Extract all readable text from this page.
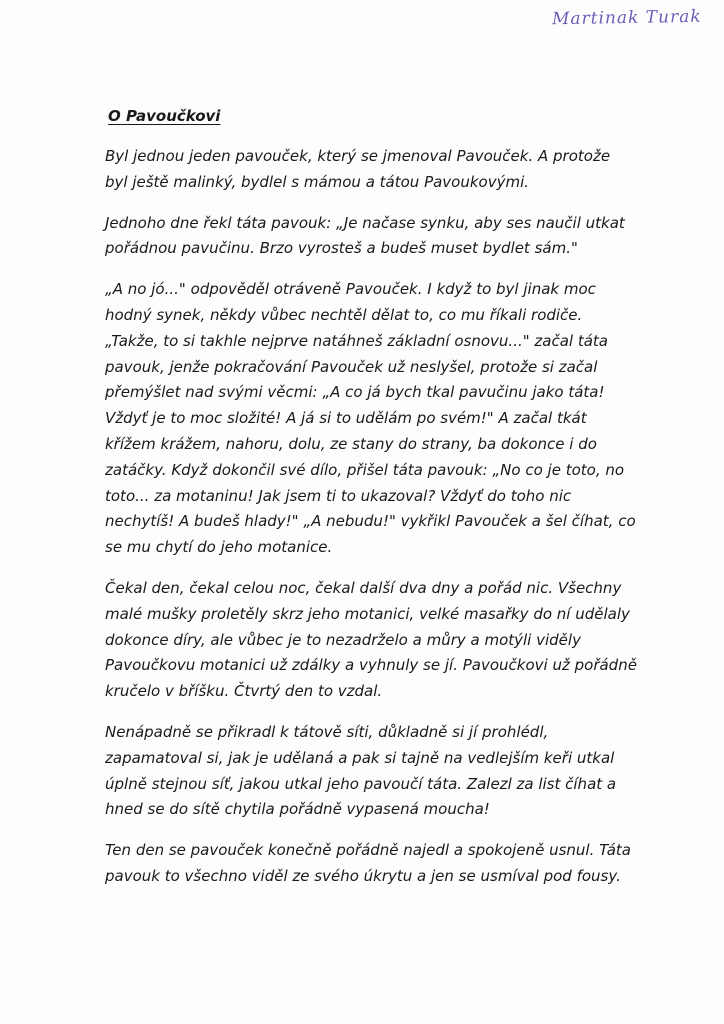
Martinak Turak
O Pavoučkovi

Byl jednou jeden pavouček, který se jmenoval Pavouček. A protože
byl ještě malinký, bydlel s mámou a tátou Pavoukovými.

Jednoho dne řekl táta pavouk: „Je načase synku, aby ses naučil utkat
pořádnou pavučinu. Brzo vyrosteš a budeš muset bydlet sám."

„A no jó..." odpověděl otráveně Pavouček. I když to byl jinak moc
hodný synek, někdy vůbec nechtěl dělat to, co mu říkali rodiče.
„Takže, to si takhle nejprve natáhneš základní osnovu..." začal táta
pavouk, jenže pokračování Pavouček už neslyšel, protože si začal
přemýšlet nad svými věcmi: „A co já bych tkal pavučinu jako táta!
Vždyť je to moc složité! A já si to udělám po svém!" A začal tkát
křížem krážem, nahoru, dolu, ze stany do strany, ba dokonce i do
zatáčky. Když dokončil své dílo, přišel táta pavouk: „No co je toto, no
toto... za motaninu! Jak jsem ti to ukazoval? Vždyť do toho nic
nechytíš! A budeš hlady!" „A nebudu!" vykřikl Pavouček a šel číhat, co
se mu chytí do jeho motanice.

Čekal den, čekal celou noc, čekal další dva dny a pořád nic. Všechny
malé mušky proletěly skrz jeho motanici, velké masařky do ní udělaly
dokonce díry, ale vůbec je to nezadrželo a můry a motýli viděly
Pavoučkovu motanici už zdálky a vyhnuly se jí. Pavoučkovi už pořádně
kručelo v bříšku. Čtvrtý den to vzdal.

Nenápadně se přikradl k tátově síti, důkladně si jí prohlédl,
zapamatoval si, jak je udělaná a pak si tajně na vedlejším keři utkal
úplně stejnou síť, jakou utkal jeho pavoučí táta. Zalezl za list číhat a
hned se do sítě chytila pořádně vypasená moucha!

Ten den se pavouček konečně pořádně najedl a spokojeně usnul. Táta
pavouk to všechno viděl ze svého úkrytu a jen se usmíval pod fousy.
